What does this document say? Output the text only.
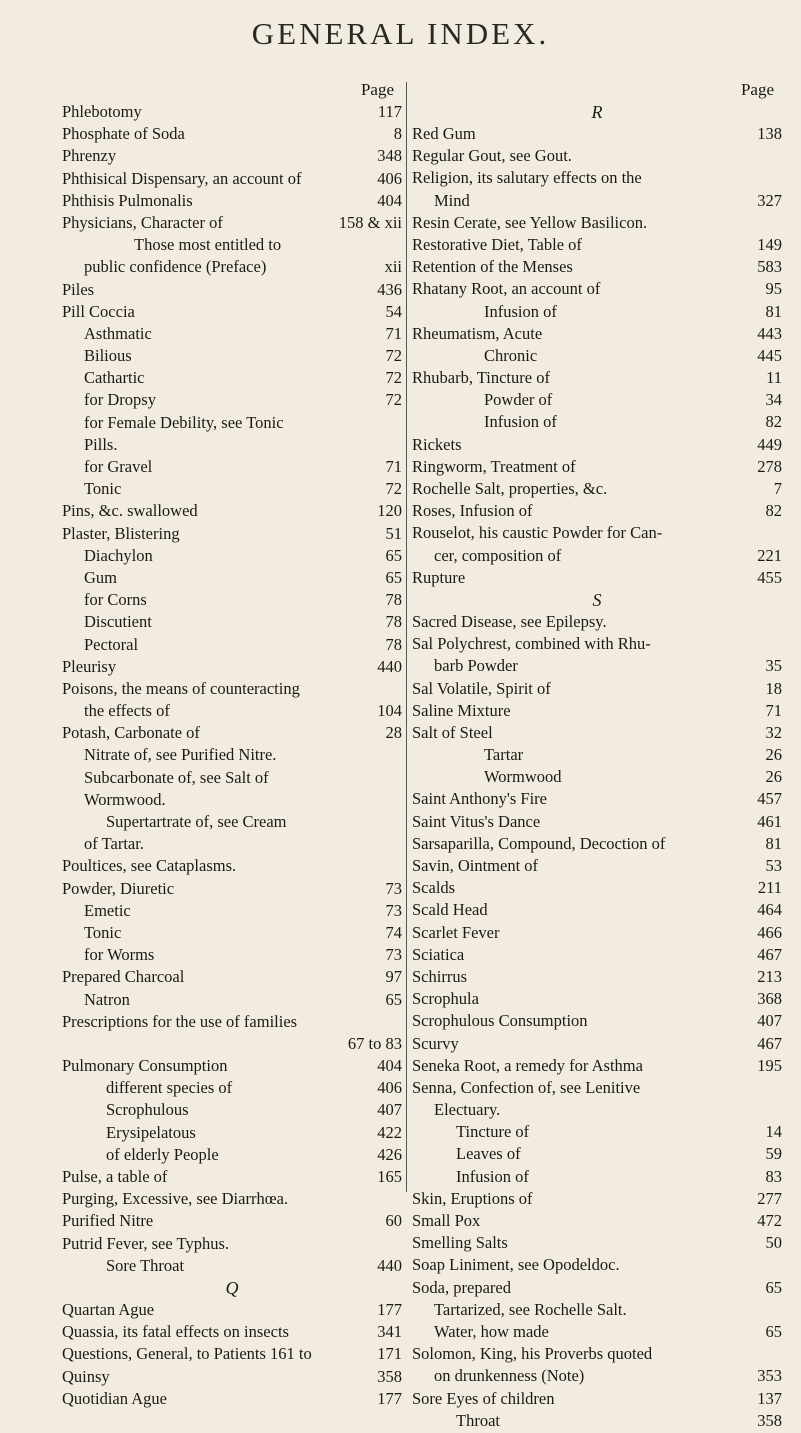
GENERAL INDEX.
Page
Phlebotomy	117
Phosphate of Soda	8
Phrenzy	348
Phthisical Dispensary, an account of	406
Phthisis Pulmonalis	404
Physicians, Character of	158 & xii
Those most entitled to
public confidence (Preface)	xii
Piles	436
Pill Coccia	54
Asthmatic	71
Bilious	72
Cathartic	72
for Dropsy	72
for Female Debility, see Tonic
Pills.
for Gravel	71
Tonic	72
Pins, &c. swallowed	120
Plaster, Blistering	51
Diachylon	65
Gum	65
for Corns	78
Discutient	78
Pectoral	78
Pleurisy	440
Poisons, the means of counteracting
the effects of	104
Potash, Carbonate of	28
Nitrate of, see Purified Nitre.
Subcarbonate of, see Salt of
Wormwood.
Supertartrate of, see Cream
of Tartar.
Poultices, see Cataplasms.
Powder, Diuretic	73
Emetic	73
Tonic	74
for Worms	73
Prepared Charcoal	97
Natron	65
Prescriptions for the use of families
67 to 83
Pulmonary Consumption	404
different species of	406
Scrophulous	407
Erysipelatous	422
of elderly People	426
Pulse, a table of	165
Purging, Excessive, see Diarrhœa.
Purified Nitre	60
Putrid Fever, see Typhus.
Sore Throat	440
Q
Quartan Ague	177
Quassia, its fatal effects on insects	341
Questions, General, to Patients 161 to	171
Quinsy	358
Quotidian Ague	177
Page
R
Red Gum	138
Regular Gout, see Gout.
Religion, its salutary effects on the
Mind	327
Resin Cerate, see Yellow Basilicon.
Restorative Diet, Table of	149
Retention of the Menses	583
Rhatany Root, an account of	95
Infusion of	81
Rheumatism, Acute	443
Chronic	445
Rhubarb, Tincture of	11
Powder of	34
Infusion of	82
Rickets	449
Ringworm, Treatment of	278
Rochelle Salt, properties, &c.	7
Roses, Infusion of	82
Rouselot, his caustic Powder for Can-
cer, composition of	221
Rupture	455
S
Sacred Disease, see Epilepsy.
Sal Polychrest, combined with Rhu-
barb Powder	35
Sal Volatile, Spirit of	18
Saline Mixture	71
Salt of Steel	32
Tartar	26
Wormwood	26
Saint Anthony's Fire	457
Saint Vitus's Dance	461
Sarsaparilla, Compound, Decoction of	81
Savin, Ointment of	53
Scalds	211
Scald Head	464
Scarlet Fever	466
Sciatica	467
Schirrus	213
Scrophula	368
Scrophulous Consumption	407
Scurvy	467
Seneka Root, a remedy for Asthma	195
Senna, Confection of, see Lenitive
Electuary.
Tincture of	14
Leaves of	59
Infusion of	83
Skin, Eruptions of	277
Small Pox	472
Smelling Salts	50
Soap Liniment, see Opodeldoc.
Soda, prepared	65
Tartarized, see Rochelle Salt.
Water, how made	65
Solomon, King, his Proverbs quoted
on drunkenness (Note)	353
Sore Eyes of children	137
Throat	358
